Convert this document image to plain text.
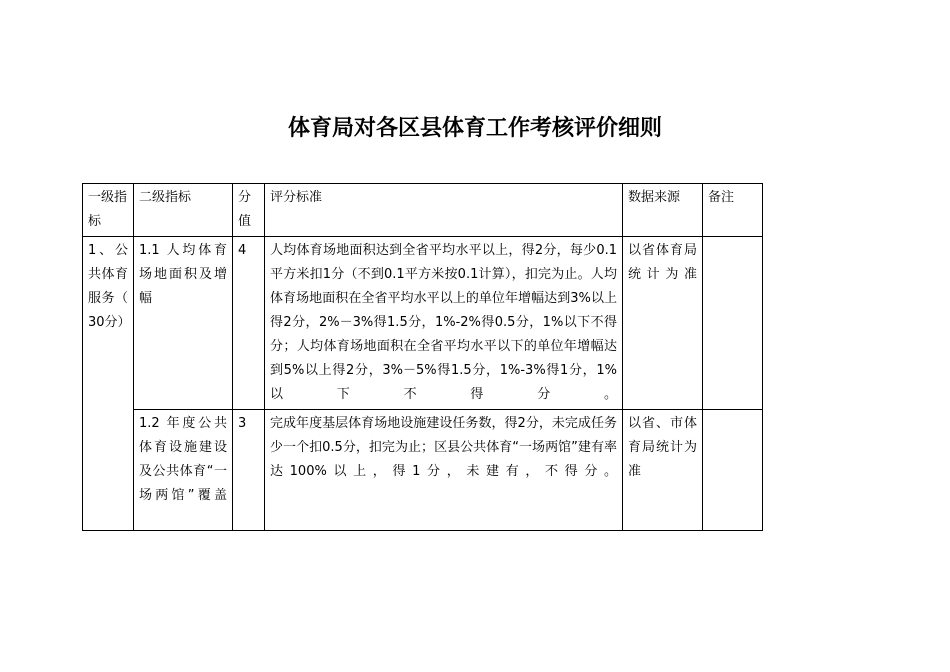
体育局对各区县体育工作考核评价细则
一级指标	二级指标	分值	评分标准	数据来源	备注
1、公共体育服务（ 30分）	1.1 人均体育场地面积及增幅	4	人均体育场地面积达到全省平均水平以上，得2分，每少0.1平方米扣1分（不到0.1平方米按0.1计算），扣完为止。人均体育场地面积在全省平均水平以上的单位年增幅达到3%以上得2分，2%－3%得1.5分，1%-2%得0.5分，1%以下不得分；人均体育场地面积在全省平均水平以下的单位年增幅达到5%以上得2分，3%－5%得1.5分，1%-3%得1分，1%以下不得分。	以省体育局统计为准	

	1.2 年度公共体育设施建设及公共体育“一场两馆”覆盖	3	完成年度基层体育场地设施建设任务数，得2分，未完成任务少一个扣0.5分，扣完为止；区县公共体育“一场两馆”建有率达100%以上，得1分，未建有，不得分。	以省、市体育局统计为准	
